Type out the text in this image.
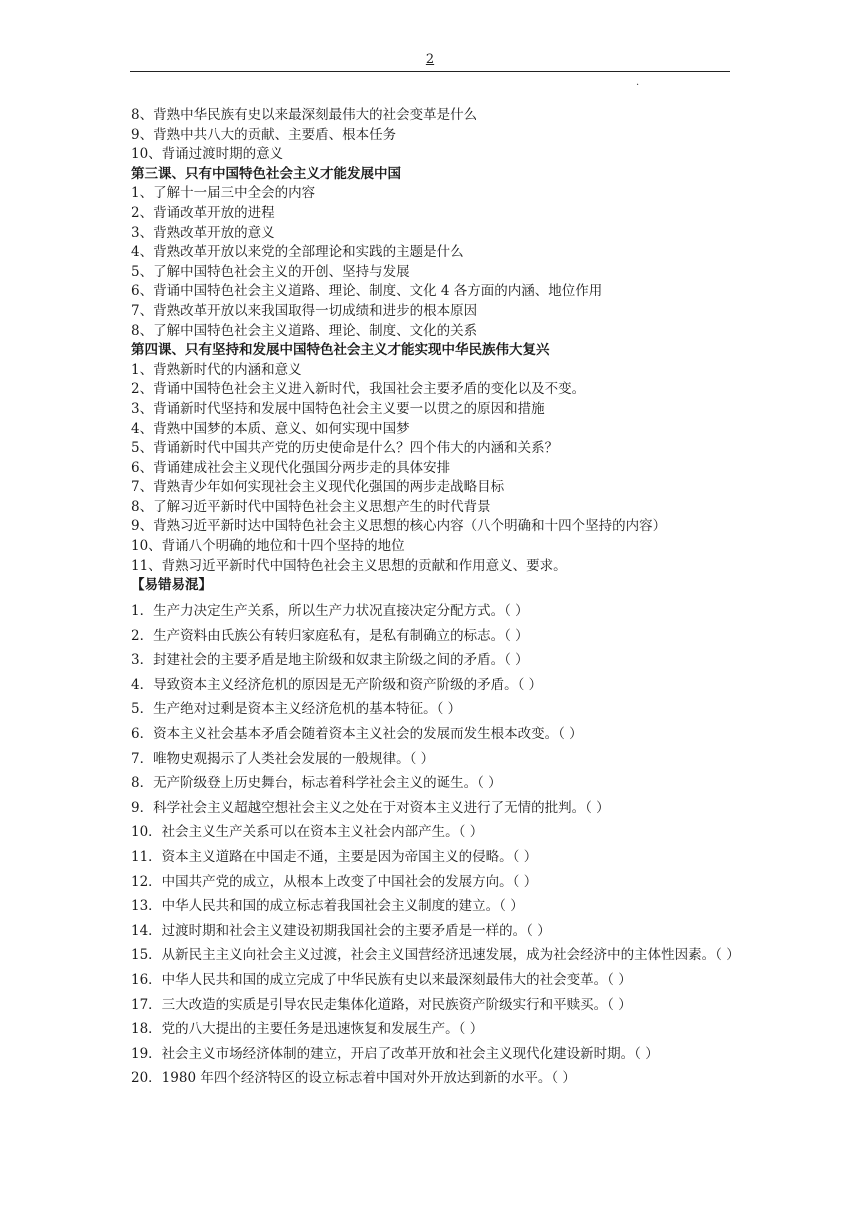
2
·
8、背熟中华民族有史以来最深刻最伟大的社会变革是什么
9、背熟中共八大的贡献、主要盾、根本任务
10、背诵过渡时期的意义
第三课、只有中国特色社会主义才能发展中国
1、了解十一届三中全会的内容
2、背诵改革开放的进程
3、背熟改革开放的意义
4、背熟改革开放以来党的全部理论和实践的主题是什么
5、了解中国特色社会主义的开创、坚持与发展
6、背诵中国特色社会主义道路、理论、制度、文化 4 各方面的内涵、地位作用
7、背熟改革开放以来我国取得一切成绩和进步的根本原因
8、了解中国特色社会主义道路、理论、制度、文化的关系
第四课、只有坚持和发展中国特色社会主义才能实现中华民族伟大复兴
1、背熟新时代的内涵和意义
2、背诵中国特色社会主义进入新时代，我国社会主要矛盾的变化以及不变。
3、背诵新时代坚持和发展中国特色社会主义要一以贯之的原因和措施
4、背熟中国梦的本质、意义、如何实现中国梦
5、背诵新时代中国共产党的历史使命是什么？四个伟大的内涵和关系？
6、背诵建成社会主义现代化强国分两步走的具体安排
7、背熟青少年如何实现社会主义现代化强国的两步走战略目标
8、了解习近平新时代中国特色社会主义思想产生的时代背景
9、背熟习近平新时达中国特色社会主义思想的核心内容（八个明确和十四个坚持的内容）
10、背诵八个明确的地位和十四个坚持的地位
11、背熟习近平新时代中国特色社会主义思想的贡献和作用意义、要求。
【易错易混】
1．生产力决定生产关系，所以生产力状况直接决定分配方式。（ ）
2．生产资料由氏族公有转归家庭私有，是私有制确立的标志。（ ）
3．封建社会的主要矛盾是地主阶级和奴隶主阶级之间的矛盾。（ ）
4．导致资本主义经济危机的原因是无产阶级和资产阶级的矛盾。（ ）
5．生产绝对过剩是资本主义经济危机的基本特征。（ ）
6．资本主义社会基本矛盾会随着资本主义社会的发展而发生根本改变。（ ）
7．唯物史观揭示了人类社会发展的一般规律。（ ）
8．无产阶级登上历史舞台，标志着科学社会主义的诞生。（ ）
9．科学社会主义超越空想社会主义之处在于对资本主义进行了无情的批判。（ ）
10．社会主义生产关系可以在资本主义社会内部产生。（ ）
11．资本主义道路在中国走不通，主要是因为帝国主义的侵略。（ ）
12．中国共产党的成立，从根本上改变了中国社会的发展方向。（ ）
13．中华人民共和国的成立标志着我国社会主义制度的建立。（ ）
14．过渡时期和社会主义建设初期我国社会的主要矛盾是一样的。（ ）
15．从新民主主义向社会主义过渡，社会主义国营经济迅速发展，成为社会经济中的主体性因素。（ ）
16．中华人民共和国的成立完成了中华民族有史以来最深刻最伟大的社会变革。（ ）
17．三大改造的实质是引导农民走集体化道路，对民族资产阶级实行和平赎买。（ ）
18．党的八大提出的主要任务是迅速恢复和发展生产。（ ）
19．社会主义市场经济体制的建立，开启了改革开放和社会主义现代化建设新时期。（ ）
20．1980 年四个经济特区的设立标志着中国对外开放达到新的水平。（ ）
